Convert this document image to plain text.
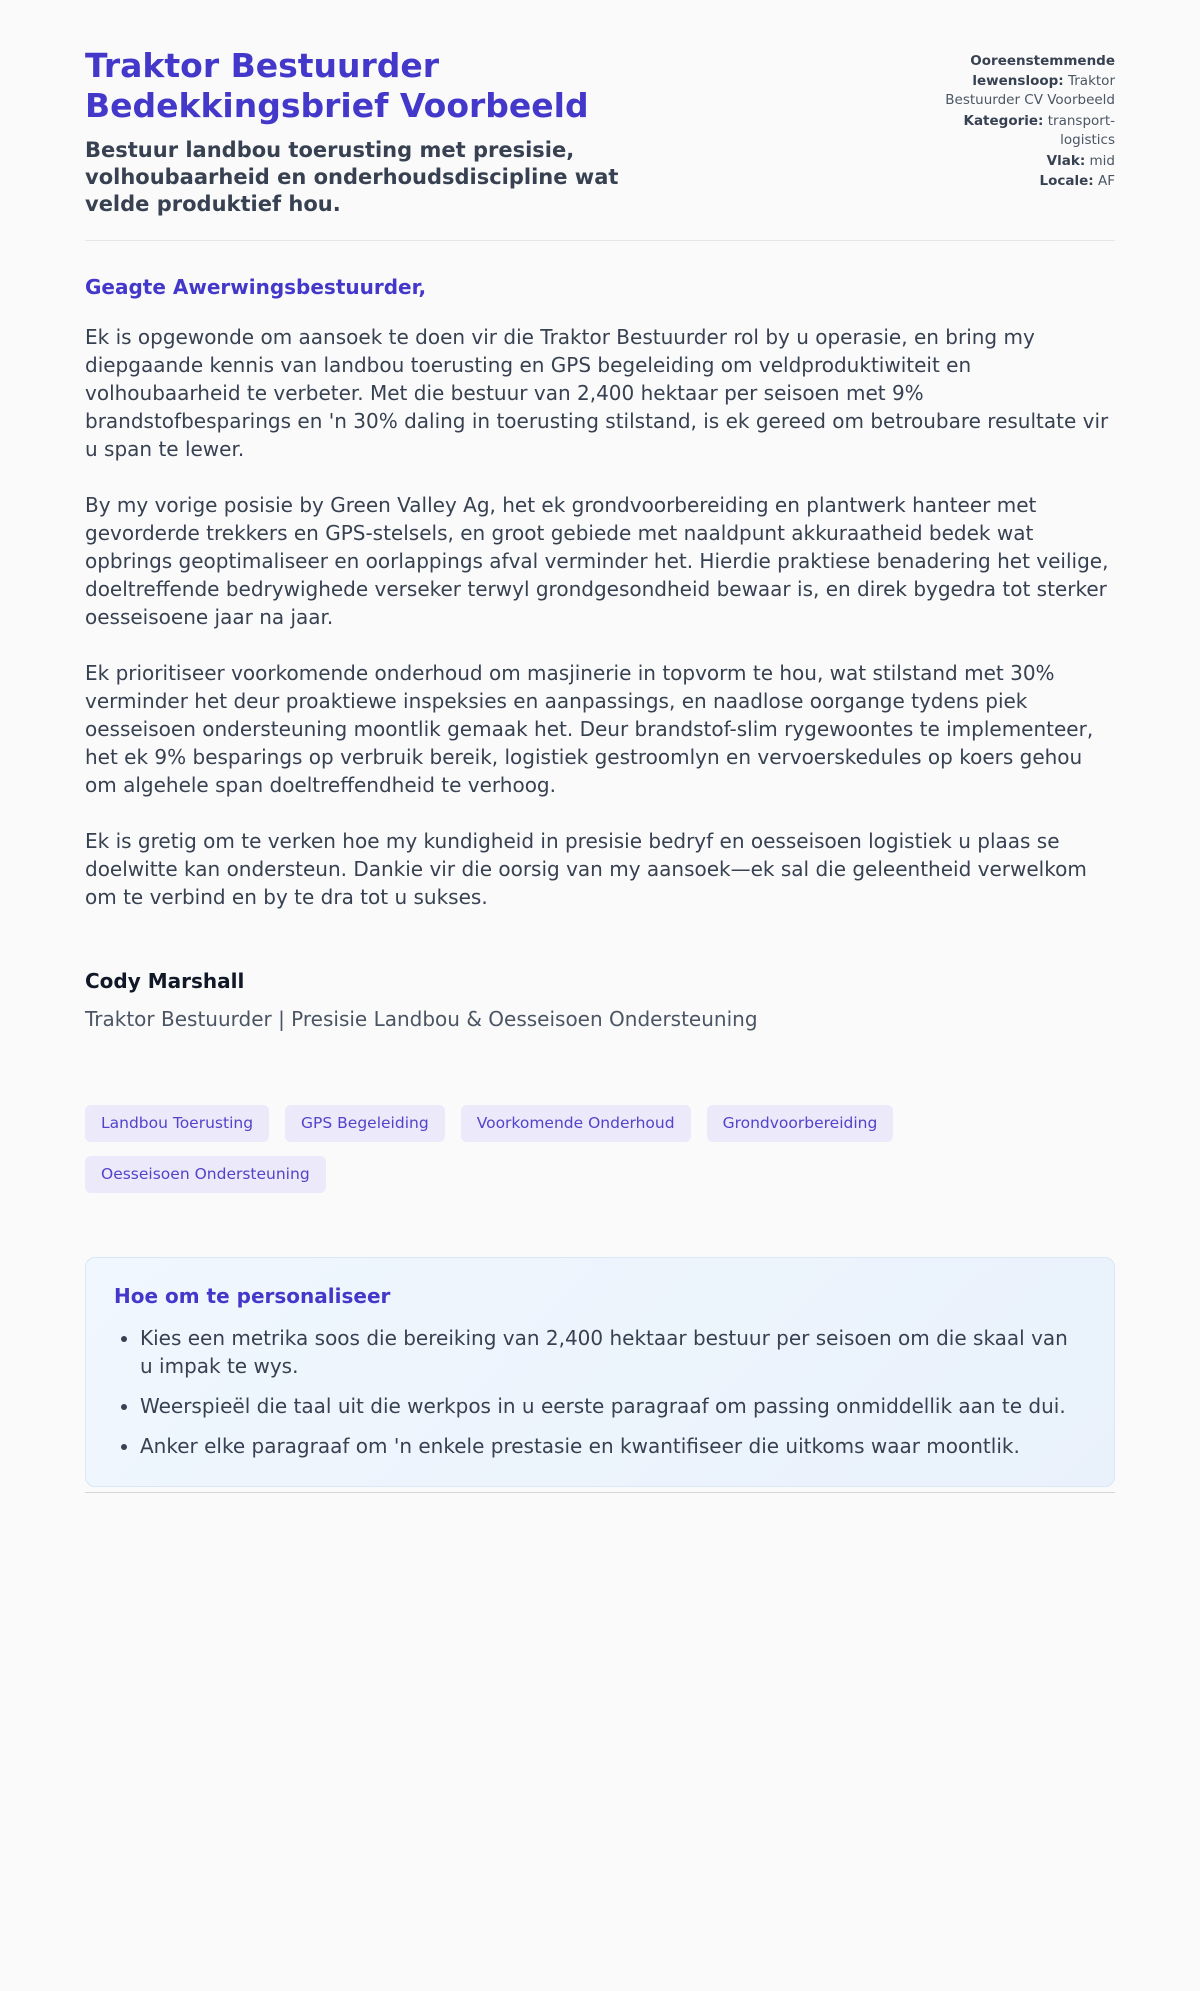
Traktor Bestuurder Bedekkingsbrief Voorbeeld

Bestuur landbou toerusting met presisie, volhoubaarheid en onderhoudsdiscipline wat velde produktief hou.

Ooreenstemmende lewensloop: Traktor Bestuurder CV Voorbeeld
Kategorie: transport-logistics
Vlak: mid
Locale: AF

Geagte Awerwingsbestuurder,

Ek is opgewonde om aansoek te doen vir die Traktor Bestuurder rol by u operasie, en bring my diepgaande kennis van landbou toerusting en GPS begeleiding om veldproduktiwiteit en volhoubaarheid te verbeter. Met die bestuur van 2,400 hektaar per seisoen met 9% brandstofbesparings en 'n 30% daling in toerusting stilstand, is ek gereed om betroubare resultate vir u span te lewer.

By my vorige posisie by Green Valley Ag, het ek grondvoorbereiding en plantwerk hanteer met gevorderde trekkers en GPS-stelsels, en groot gebiede met naaldpunt akkuraatheid bedek wat opbrings geoptimaliseer en oorlappings afval verminder het. Hierdie praktiese benadering het veilige, doeltreffende bedrywighede verseker terwyl grondgesondheid bewaar is, en direk bygedra tot sterker oesseisoene jaar na jaar.

Ek prioritiseer voorkomende onderhoud om masjinerie in topvorm te hou, wat stilstand met 30% verminder het deur proaktiewe inspeksies en aanpassings, en naadlose oorgange tydens piek oesseisoen ondersteuning moontlik gemaak het. Deur brandstof-slim rygewoontes te implementeer, het ek 9% besparings op verbruik bereik, logistiek gestroomlyn en vervoerskedules op koers gehou om algehele span doeltreffendheid te verhoog.

Ek is gretig om te verken hoe my kundigheid in presisie bedryf en oesseisoen logistiek u plaas se doelwitte kan ondersteun. Dankie vir die oorsig van my aansoek—ek sal die geleentheid verwelkom om te verbind en by te dra tot u sukses.

Cody Marshall

Traktor Bestuurder | Presisie Landbou & Oesseisoen Ondersteuning

Landbou Toerusting	GPS Begeleiding	Voorkomende Onderhoud	Grondvoorbereiding
Oesseisoen Ondersteuning
Hoe om te personaliseer
• Kies een metrika soos die bereiking van 2,400 hektaar bestuur per seisoen om die skaal van u impak te wys.
• Weerspieël die taal uit die werkpos in u eerste paragraaf om passing onmiddellik aan te dui.
• Anker elke paragraaf om 'n enkele prestasie en kwantifiseer die uitkoms waar moontlik.
